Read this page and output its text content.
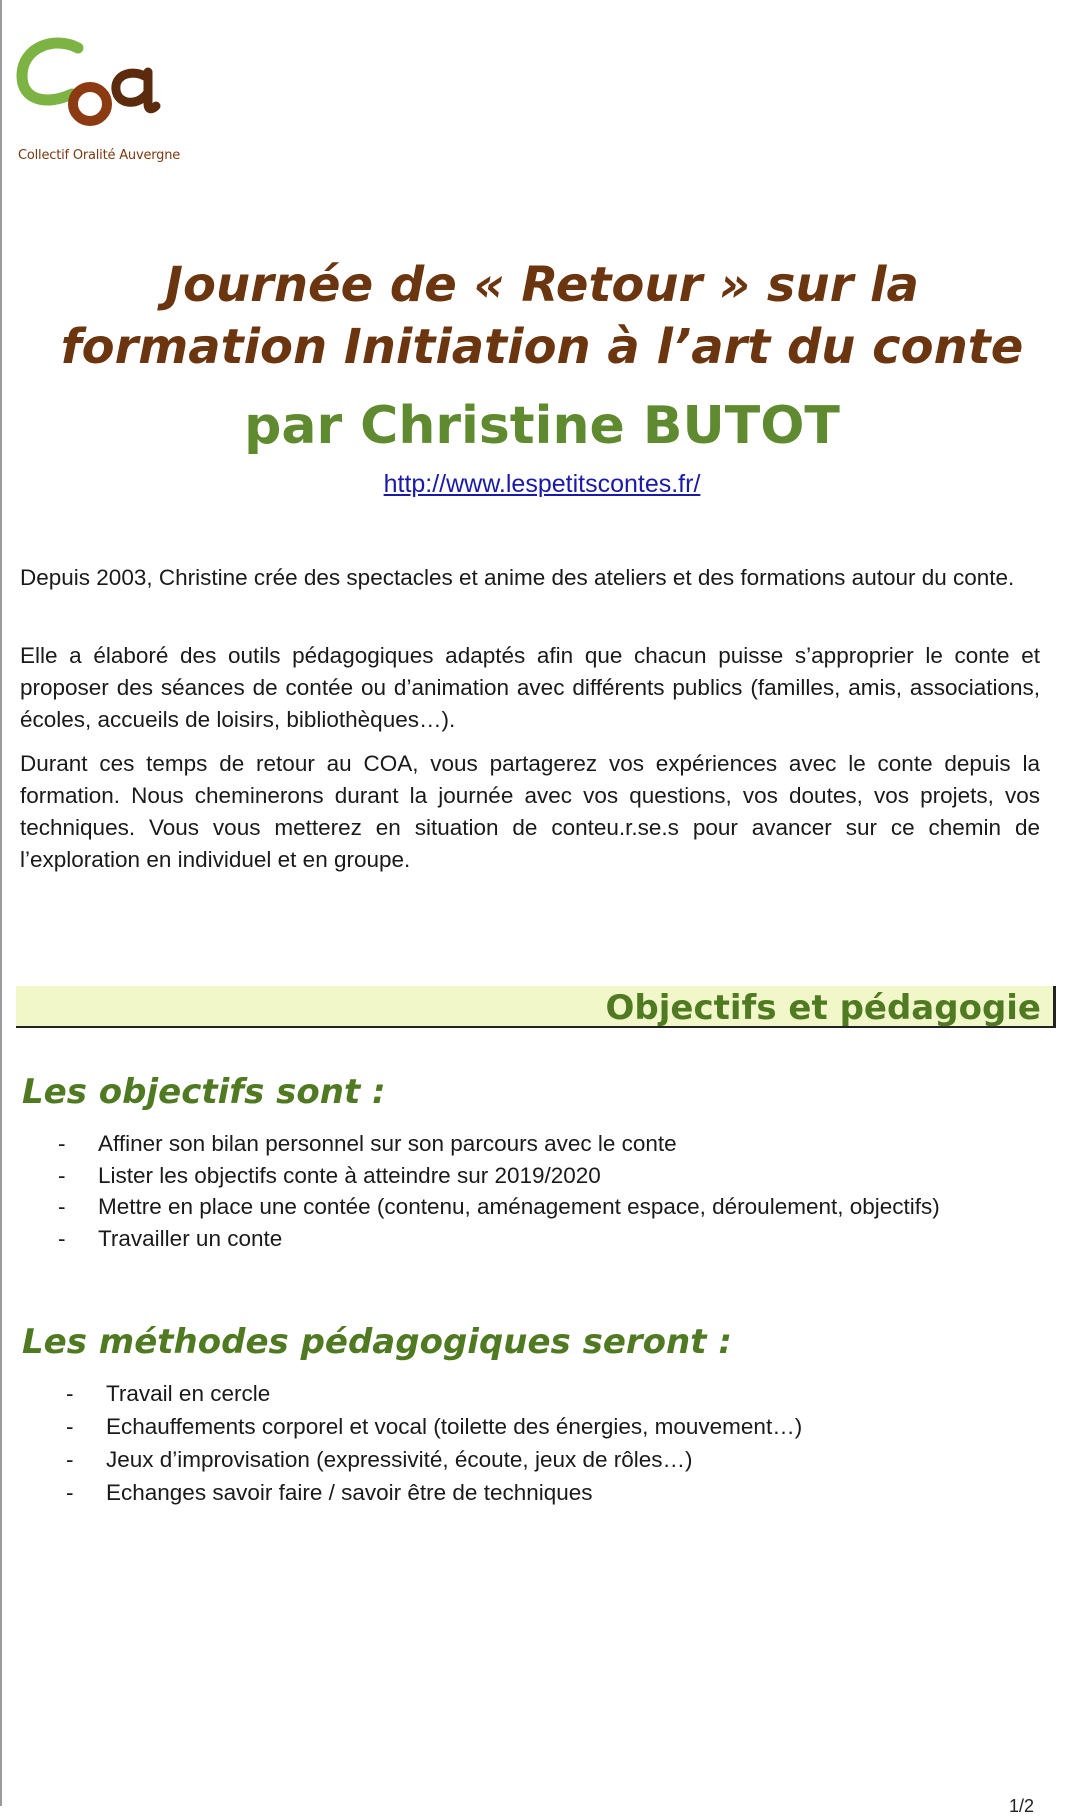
Collectif Oralité Auvergne
Journée de « Retour » sur la
formation Initiation à l’art du conte
par Christine BUTOT
http://www.lespetitscontes.fr/

Depuis 2003, Christine crée des spectacles et anime des ateliers et des formations autour du conte.

Elle a élaboré des outils pédagogiques adaptés afin que chacun puisse s’approprier le conte et proposer des séances de contée ou d’animation avec différents publics (familles, amis, associations, écoles, accueils de loisirs, bibliothèques…).

Durant ces temps de retour au COA, vous partagerez vos expériences avec le conte depuis la formation. Nous cheminerons durant la journée avec vos questions, vos doutes, vos projets, vos techniques. Vous vous metterez en situation de conteu.r.se.s pour avancer sur ce chemin de l’exploration en individuel et en groupe.

Objectifs et pédagogie
Les objectifs sont :
- Affiner son bilan personnel sur son parcours avec le conte
- Lister les objectifs conte à atteindre sur 2019/2020
- Mettre en place une contée (contenu, aménagement espace, déroulement, objectifs)
- Travailler un conte
Les méthodes pédagogiques seront :
- Travail en cercle
- Echauffements corporel et vocal (toilette des énergies, mouvement…)
- Jeux d’improvisation (expressivité, écoute, jeux de rôles…)
- Echanges savoir faire / savoir être de techniques
1/2
